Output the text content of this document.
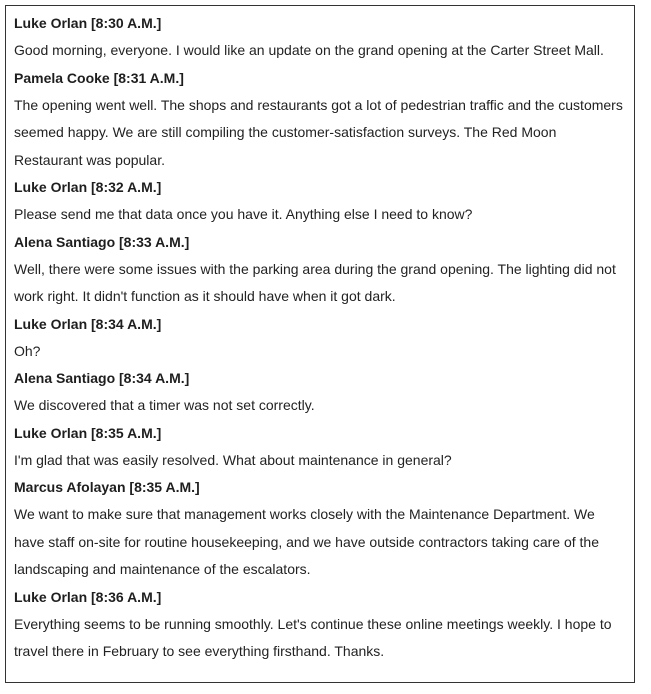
Luke Orlan [8:30 A.M.]
Good morning, everyone. I would like an update on the grand opening at the Carter Street Mall.
Pamela Cooke [8:31 A.M.]
The opening went well. The shops and restaurants got a lot of pedestrian traffic and the customers seemed happy. We are still compiling the customer-satisfaction surveys. The Red Moon Restaurant was popular.
Luke Orlan [8:32 A.M.]
Please send me that data once you have it. Anything else I need to know?
Alena Santiago [8:33 A.M.]
Well, there were some issues with the parking area during the grand opening. The lighting did not work right. It didn't function as it should have when it got dark.
Luke Orlan [8:34 A.M.]
Oh?
Alena Santiago [8:34 A.M.]
We discovered that a timer was not set correctly.
Luke Orlan [8:35 A.M.]
I'm glad that was easily resolved. What about maintenance in general?
Marcus Afolayan [8:35 A.M.]
We want to make sure that management works closely with the Maintenance Department. We have staff on-site for routine housekeeping, and we have outside contractors taking care of the landscaping and maintenance of the escalators.
Luke Orlan [8:36 A.M.]
Everything seems to be running smoothly. Let's continue these online meetings weekly. I hope to travel there in February to see everything firsthand. Thanks.
